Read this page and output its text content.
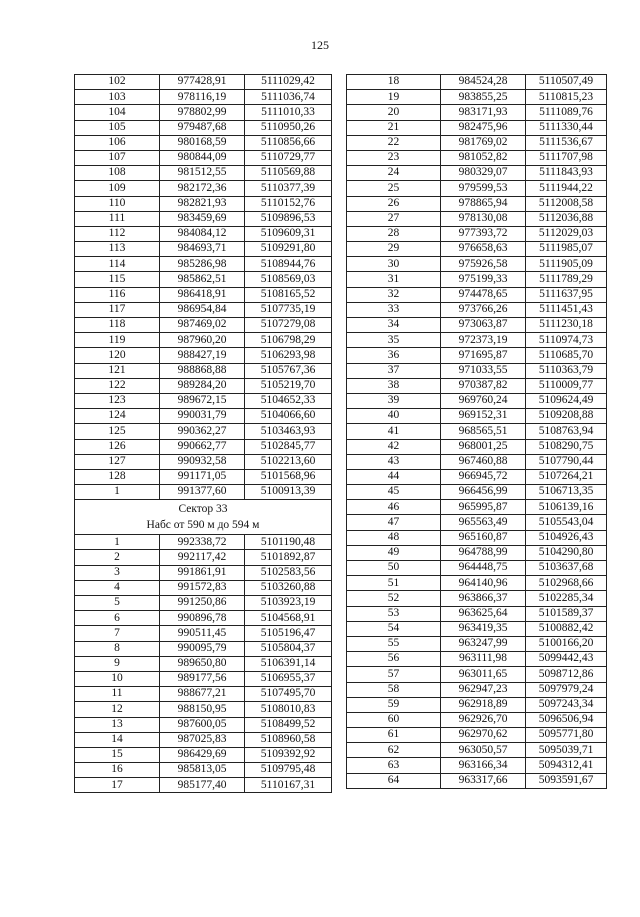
125
102	977428,91	5111029,42
103	978116,19	5111036,74
104	978802,99	5111010,33
105	979487,68	5110950,26
106	980168,59	5110856,66
107	980844,09	5110729,77
108	981512,55	5110569,88
109	982172,36	5110377,39
110	982821,93	5110152,76
111	983459,69	5109896,53
112	984084,12	5109609,31
113	984693,71	5109291,80
114	985286,98	5108944,76
115	985862,51	5108569,03
116	986418,91	5108165,52
117	986954,84	5107735,19
118	987469,02	5107279,08
119	987960,20	5106798,29
120	988427,19	5106293,98
121	988868,88	5105767,36
122	989284,20	5105219,70
123	989672,15	5104652,33
124	990031,79	5104066,60
125	990362,27	5103463,93
126	990662,77	5102845,77
127	990932,58	5102213,60
128	991171,05	5101568,96
1	991377,60	5100913,39

Сектор 33
Набс от 590 м до 594 м		

1	992338,72	5101190,48
2	992117,42	5101892,87
3	991861,91	5102583,56
4	991572,83	5103260,88
5	991250,86	5103923,19
6	990896,78	5104568,91
7	990511,45	5105196,47
8	990095,79	5105804,37
9	989650,80	5106391,14
10	989177,56	5106955,37
11	988677,21	5107495,70
12	988150,95	5108010,83
13	987600,05	5108499,52
14	987025,83	5108960,58
15	986429,69	5109392,92
16	985813,05	5109795,48
17	985177,40	5110167,31
18	984524,28	5110507,49
19	983855,25	5110815,23
20	983171,93	5111089,76
21	982475,96	5111330,44
22	981769,02	5111536,67
23	981052,82	5111707,98
24	980329,07	5111843,93
25	979599,53	5111944,22
26	978865,94	5112008,58
27	978130,08	5112036,88
28	977393,72	5112029,03
29	976658,63	5111985,07
30	975926,58	5111905,09
31	975199,33	5111789,29
32	974478,65	5111637,95
33	973766,26	5111451,43
34	973063,87	5111230,18
35	972373,19	5110974,73
36	971695,87	5110685,70
37	971033,55	5110363,79
38	970387,82	5110009,77
39	969760,24	5109624,49
40	969152,31	5109208,88
41	968565,51	5108763,94
42	968001,25	5108290,75
43	967460,88	5107790,44
44	966945,72	5107264,21
45	966456,99	5106713,35
46	965995,87	5106139,16
47	965563,49	5105543,04
48	965160,87	5104926,43
49	964788,99	5104290,80
50	964448,75	5103637,68
51	964140,96	5102968,66
52	963866,37	5102285,34
53	963625,64	5101589,37
54	963419,35	5100882,42
55	963247,99	5100166,20
56	963111,98	5099442,43
57	963011,65	5098712,86
58	962947,23	5097979,24
59	962918,89	5097243,34
60	962926,70	5096506,94
61	962970,62	5095771,80
62	963050,57	5095039,71
63	963166,34	5094312,41
64	963317,66	5093591,67
